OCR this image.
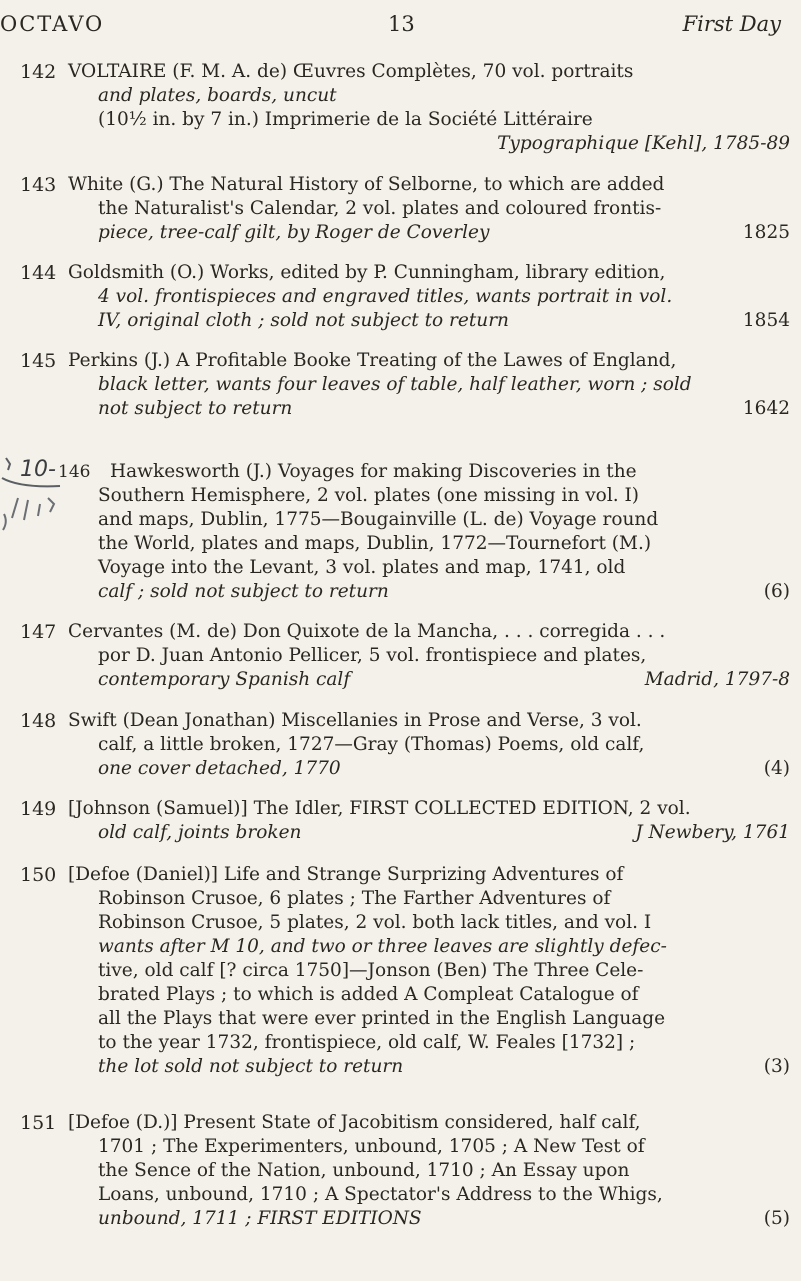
OCTAVO	13	First Day
142 VOLTAIRE (F. M. A. de) Œuvres Complètes, 70 vol. portraits
and plates, boards, uncut
(10½ in. by 7 in.) Imprimerie de la Société Littéraire
Typographique [Kehl], 1785-89
143 White (G.) The Natural History of Selborne, to which are added
the Naturalist's Calendar, 2 vol. plates and coloured frontis-
piece, tree-calf gilt, by Roger de Coverley	1825
144 Goldsmith (O.) Works, edited by P. Cunningham, library edition,
4 vol. frontispieces and engraved titles, wants portrait in vol.
IV, original cloth ; sold not subject to return	1854
145 Perkins (J.) A Profitable Booke Treating of the Lawes of England,
black letter, wants four leaves of table, half leather, worn ; sold
not subject to return	1642
10- 146 Hawkesworth (J.) Voyages for making Discoveries in the
Southern Hemisphere, 2 vol. plates (one missing in vol. I)
and maps, Dublin, 1775—Bougainville (L. de) Voyage round
the World, plates and maps, Dublin, 1772—Tournefort (M.)
Voyage into the Levant, 3 vol. plates and map, 1741, old
calf ; sold not subject to return	(6)
147 Cervantes (M. de) Don Quixote de la Mancha, . . . corregida . . .
por D. Juan Antonio Pellicer, 5 vol. frontispiece and plates,
contemporary Spanish calf	Madrid, 1797-8
148 Swift (Dean Jonathan) Miscellanies in Prose and Verse, 3 vol.
calf, a little broken, 1727—Gray (Thomas) Poems, old calf,
one cover detached, 1770	(4)
149 [Johnson (Samuel)] The Idler, FIRST COLLECTED EDITION, 2 vol.
old calf, joints broken	J Newbery, 1761
150 [Defoe (Daniel)] Life and Strange Surprizing Adventures of
Robinson Crusoe, 6 plates ; The Farther Adventures of
Robinson Crusoe, 5 plates, 2 vol. both lack titles, and vol. I
wants after M 10, and two or three leaves are slightly defec-
tive, old calf [? circa 1750]—Jonson (Ben) The Three Cele-
brated Plays ; to which is added A Compleat Catalogue of
all the Plays that were ever printed in the English Language
to the year 1732, frontispiece, old calf, W. Feales [1732] ;
the lot sold not subject to return	(3)
151 [Defoe (D.)] Present State of Jacobitism considered, half calf,
1701 ; The Experimenters, unbound, 1705 ; A New Test of
the Sence of the Nation, unbound, 1710 ; An Essay upon
Loans, unbound, 1710 ; A Spectator's Address to the Whigs,
unbound, 1711 ; FIRST EDITIONS	(5)
